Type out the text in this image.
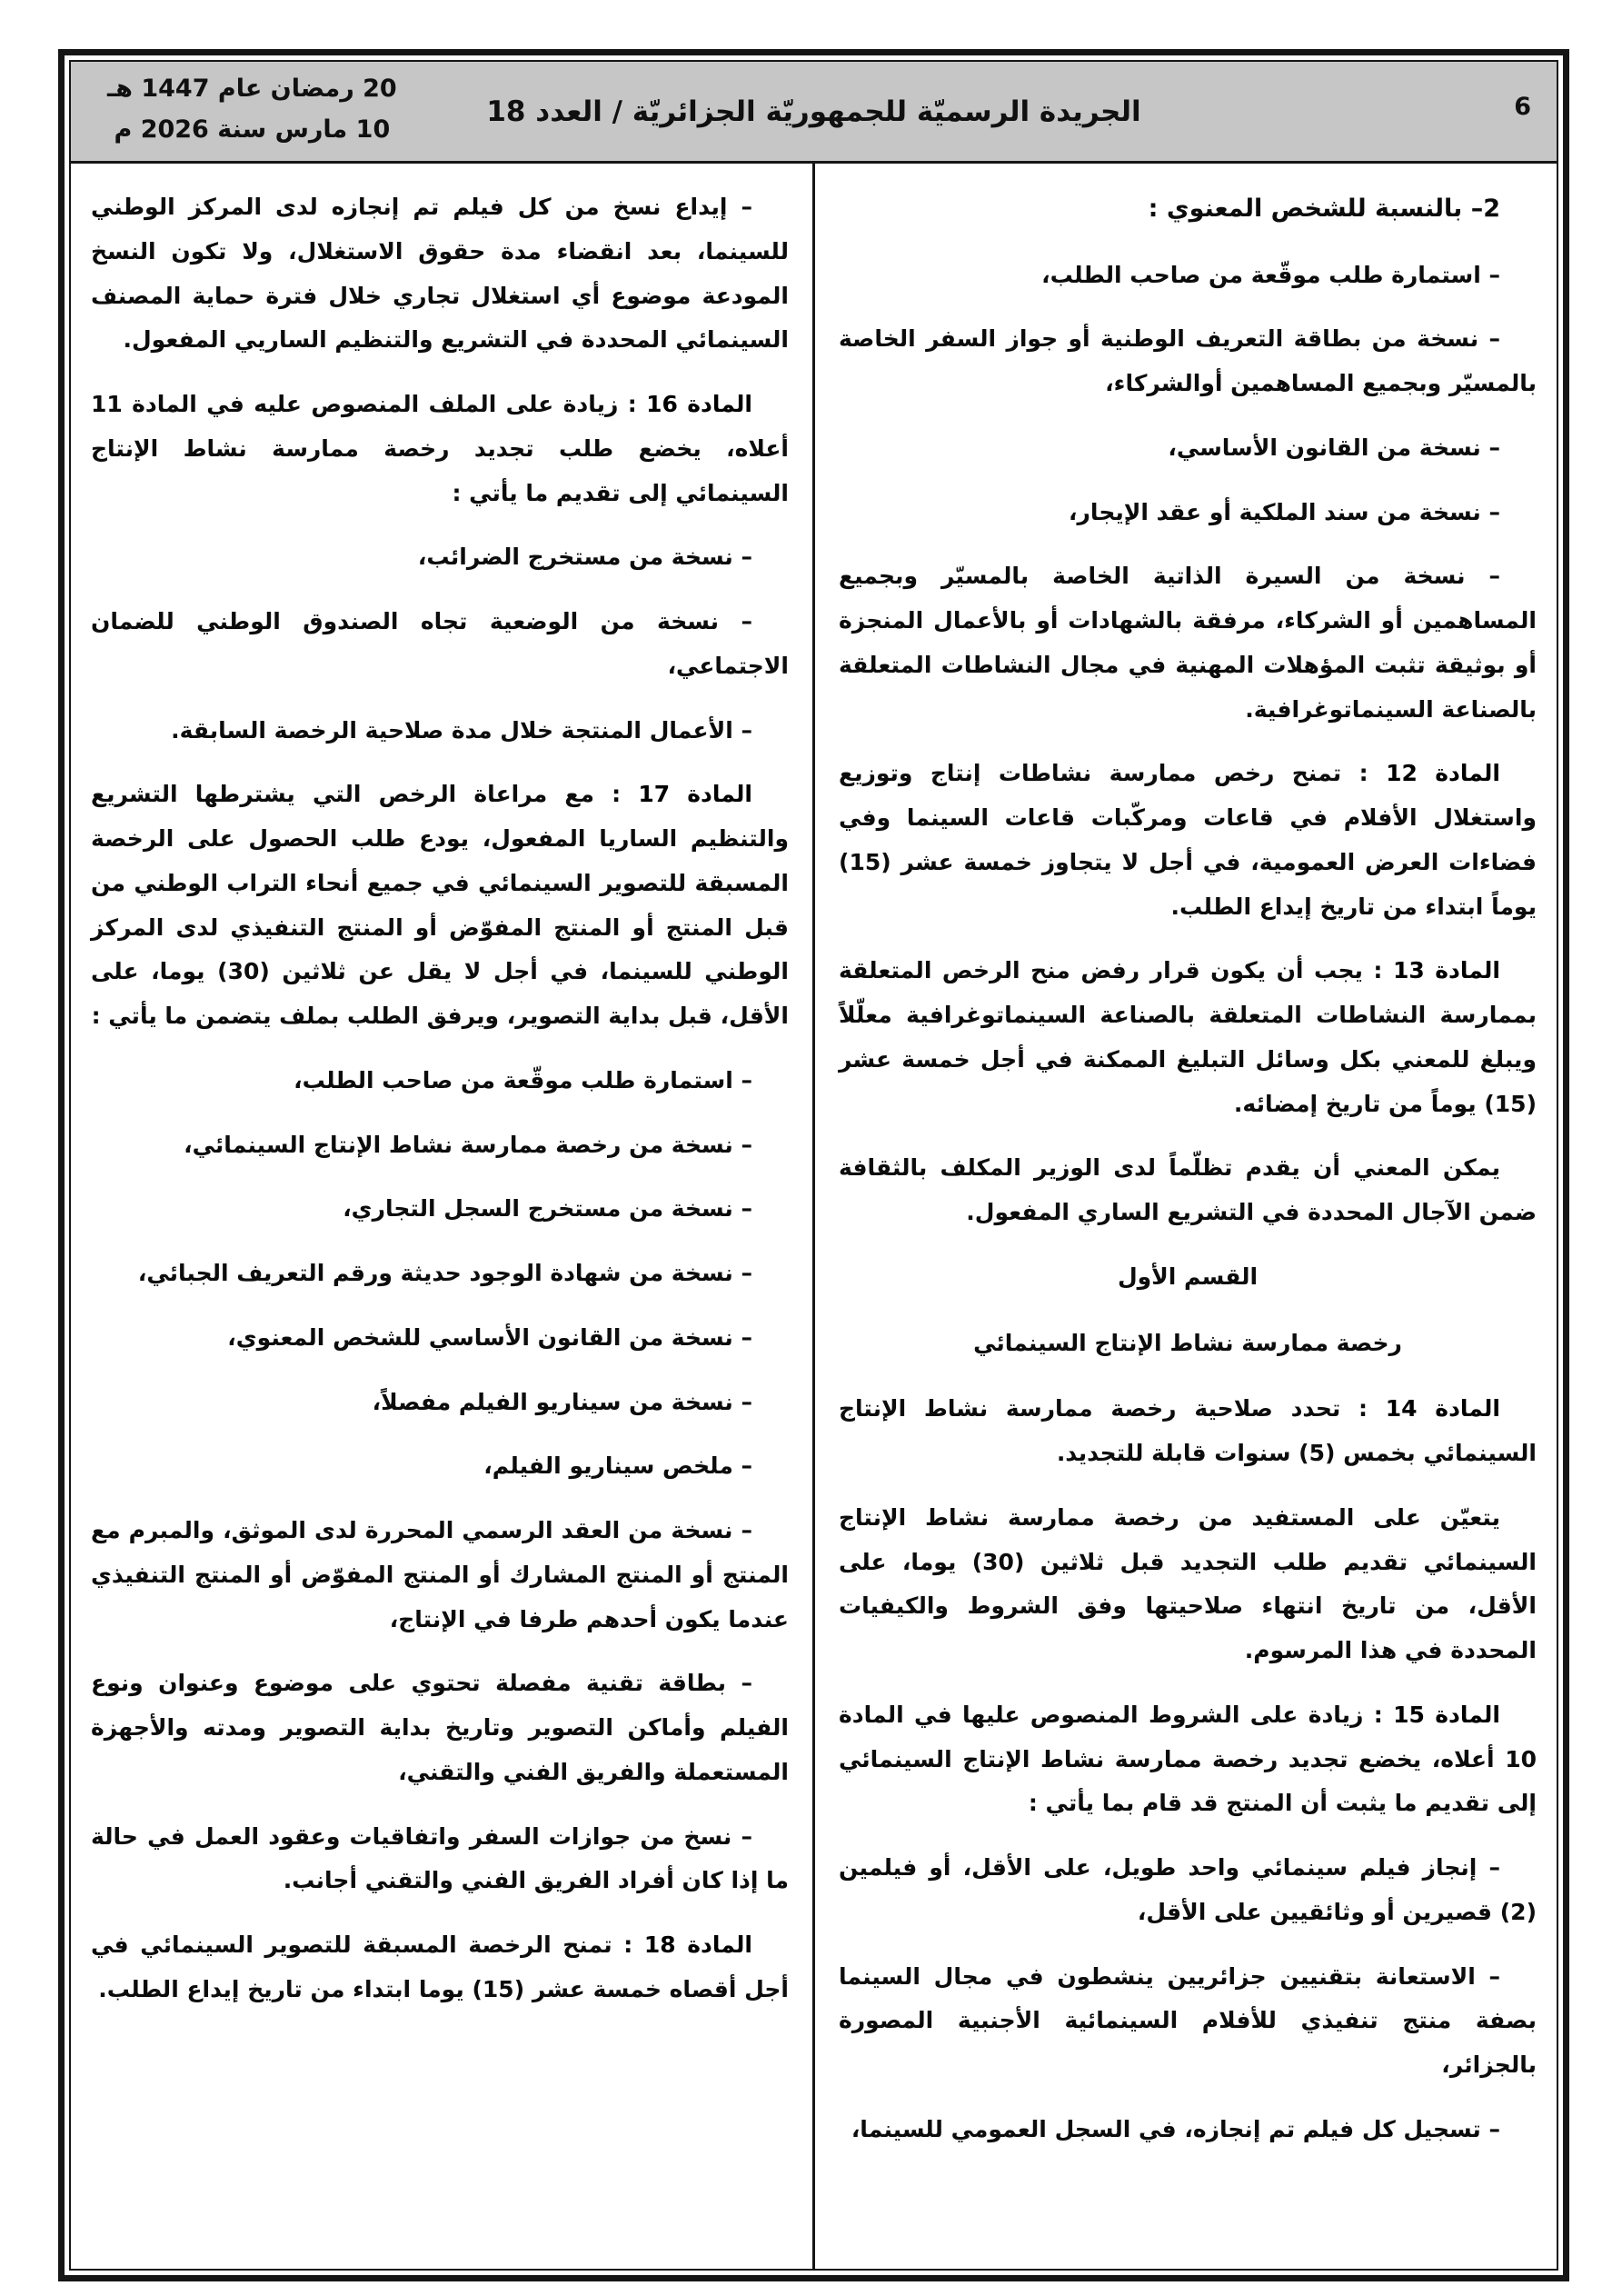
20 رمضان عام 1447 هـ
10 مارس سنة 2026 م
الجريدة الرسميّة للجمهوريّة الجزائريّة / العدد 18	6
– إيداع نسخ من كل فيلم تم إنجازه لدى المركز الوطني للسينما، بعد انقضاء مدة حقوق الاستغلال، ولا تكون النسخ المودعة موضوع أي استغلال تجاري خلال فترة حماية المصنف السينمائي المحددة في التشريع والتنظيم الساريي المفعول.
المادة 16 : زيادة على الملف المنصوص عليه في المادة 11 أعلاه، يخضع طلب تجديد رخصة ممارسة نشاط الإنتاج السينمائي إلى تقديم ما يأتي :
– نسخة من مستخرج الضرائب،
– نسخة من الوضعية تجاه الصندوق الوطني للضمان الاجتماعي،
– الأعمال المنتجة خلال مدة صلاحية الرخصة السابقة.
المادة 17 : مع مراعاة الرخص التي يشترطها التشريع والتنظيم الساريا المفعول، يودع طلب الحصول على الرخصة المسبقة للتصوير السينمائي في جميع أنحاء التراب الوطني من قبل المنتج أو المنتج المفوّض أو المنتج التنفيذي لدى المركز الوطني للسينما، في أجل لا يقل عن ثلاثين (30) يوما، على الأقل، قبل بداية التصوير، ويرفق الطلب بملف يتضمن ما يأتي :
– استمارة طلب موقّعة من صاحب الطلب،
– نسخة من رخصة ممارسة نشاط الإنتاج السينمائي،
– نسخة من مستخرج السجل التجاري،
– نسخة من شهادة الوجود حديثة ورقم التعريف الجبائي،
– نسخة من القانون الأساسي للشخص المعنوي،
– نسخة من سيناريو الفيلم مفصلاً،
– ملخص سيناريو الفيلم،
– نسخة من العقد الرسمي المحررة لدى الموثق، والمبرم مع المنتج أو المنتج المشارك أو المنتج المفوّض أو المنتج التنفيذي عندما يكون أحدهم طرفا في الإنتاج،
– بطاقة تقنية مفصلة تحتوي على موضوع وعنوان ونوع الفيلم وأماكن التصوير وتاريخ بداية التصوير ومدته والأجهزة المستعملة والفريق الفني والتقني،
– نسخ من جوازات السفر واتفاقيات وعقود العمل في حالة ما إذا كان أفراد الفريق الفني والتقني أجانب.
المادة 18 : تمنح الرخصة المسبقة للتصوير السينمائي في أجل أقصاه خمسة عشر (15) يوما ابتداء من تاريخ إيداع الطلب.
2– بالنسبة للشخص المعنوي :
– استمارة طلب موقّعة من صاحب الطلب،
– نسخة من بطاقة التعريف الوطنية أو جواز السفر الخاصة بالمسيّر وبجميع المساهمين أوالشركاء،
– نسخة من القانون الأساسي،
– نسخة من سند الملكية أو عقد الإيجار،
– نسخة من السيرة الذاتية الخاصة بالمسيّر وبجميع المساهمين أو الشركاء، مرفقة بالشهادات أو بالأعمال المنجزة أو بوثيقة تثبت المؤهلات المهنية في مجال النشاطات المتعلقة بالصناعة السينماتوغرافية.
المادة 12 : تمنح رخص ممارسة نشاطات إنتاج وتوزيع واستغلال الأفلام في قاعات ومركّبات قاعات السينما وفي فضاءات العرض العمومية، في أجل لا يتجاوز خمسة عشر (15) يوماً ابتداء من تاريخ إيداع الطلب.
المادة 13 : يجب أن يكون قرار رفض منح الرخص المتعلقة بممارسة النشاطات المتعلقة بالصناعة السينماتوغرافية معلّلاً ويبلغ للمعني بكل وسائل التبليغ الممكنة في أجل خمسة عشر (15) يوماً من تاريخ إمضائه.
يمكن المعني أن يقدم تظلّماً لدى الوزير المكلف بالثقافة ضمن الآجال المحددة في التشريع الساري المفعول.
القسم الأول
رخصة ممارسة نشاط الإنتاج السينمائي
المادة 14 : تحدد صلاحية رخصة ممارسة نشاط الإنتاج السينمائي بخمس (5) سنوات قابلة للتجديد.
يتعيّن على المستفيد من رخصة ممارسة نشاط الإنتاج السينمائي تقديم طلب التجديد قبل ثلاثين (30) يوما، على الأقل، من تاريخ انتهاء صلاحيتها وفق الشروط والكيفيات المحددة في هذا المرسوم.
المادة 15 : زيادة على الشروط المنصوص عليها في المادة 10 أعلاه، يخضع تجديد رخصة ممارسة نشاط الإنتاج السينمائي إلى تقديم ما يثبت أن المنتج قد قام بما يأتي :
– إنجاز فيلم سينمائي واحد طويل، على الأقل، أو فيلمين (2) قصيرين أو وثائقيين على الأقل،
– الاستعانة بتقنيين جزائريين ينشطون في مجال السينما بصفة منتج تنفيذي للأفلام السينمائية الأجنبية المصورة بالجزائر،
– تسجيل كل فيلم تم إنجازه، في السجل العمومي للسينما،
